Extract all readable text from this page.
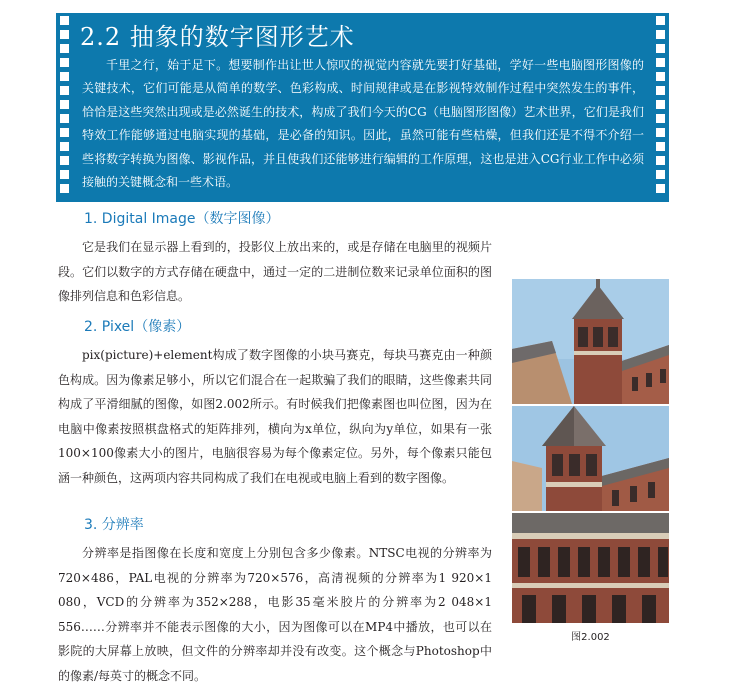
2.2 抽象的数字图形艺术

千里之行，始于足下。想要制作出让世人惊叹的视觉内容就先要打好基础，学好一些电脑图形图像的关键技术，它们可能是从简单的数学、色彩构成、时间规律或是在影视特效制作过程中突然发生的事件，恰恰是这些突然出现或是必然诞生的技术，构成了我们今天的CG（电脑图形图像）艺术世界，它们是我们特效工作能够通过电脑实现的基础，是必备的知识。因此，虽然可能有些枯燥，但我们还是不得不介绍一些将数字转换为图像、影视作品，并且使我们还能够进行编辑的工作原理，这也是进入CG行业工作中必须接触的关键概念和一些术语。

1. Digital Image（数字图像）

它是我们在显示器上看到的，投影仪上放出来的，或是存储在电脑里的视频片段。它们以数字的方式存储在硬盘中，通过一定的二进制位数来记录单位面积的图像排列信息和色彩信息。

2. Pixel（像素）

pix(picture)+element构成了数字图像的小块马赛克，每块马赛克由一种颜色构成。因为像素足够小，所以它们混合在一起欺骗了我们的眼睛，这些像素共同构成了平滑细腻的图像，如图2.002所示。有时候我们把像素图也叫位图，因为在电脑中像素按照棋盘格式的矩阵排列，横向为x单位，纵向为y单位，如果有一张100×100像素大小的图片，电脑很容易为每个像素定位。另外，每个像素只能包涵一种颜色，这两项内容共同构成了我们在电视或电脑上看到的数字图像。

3. 分辨率

分辨率是指图像在长度和宽度上分别包含多少像素。NTSC电视的分辨率为720×486，PAL电视的分辨率为720×576，高清视频的分辨率为1 920×1 080，VCD的分辨率为352×288，电影35毫米胶片的分辨率为2 048×1 556……分辨率并不能表示图像的大小，因为图像可以在MP4中播放，也可以在影院的大屏幕上放映，但文件的分辨率却并没有改变。这个概念与Photoshop中的像素/每英寸的概念不同。

图2.002
